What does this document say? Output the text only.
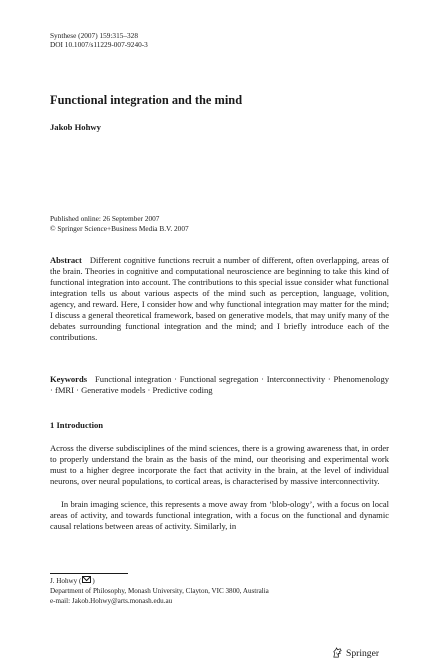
Synthese (2007) 159:315–328
DOI 10.1007/s11229-007-9240-3
Functional integration and the mind
Jakob Hohwy
Published online: 26 September 2007
© Springer Science+Business Media B.V. 2007
Abstract Different cognitive functions recruit a number of different, often overlapping, areas of the brain. Theories in cognitive and computational neuroscience are beginning to take this kind of functional integration into account. The contributions to this special issue consider what functional integration tells us about various aspects of the mind such as perception, language, volition, agency, and reward. Here, I consider how and why functional integration may matter for the mind; I discuss a general theoretical framework, based on generative models, that may unify many of the debates surrounding functional integration and the mind; and I briefly introduce each of the contributions.
Keywords Functional integration · Functional segregation · Interconnectivity · Phenomenology · fMRI · Generative models · Predictive coding
1 Introduction
Across the diverse subdisciplines of the mind sciences, there is a growing awareness that, in order to properly understand the brain as the basis of the mind, our theorising and experimental work must to a higher degree incorporate the fact that activity in the brain, at the level of individual neurons, over neural populations, to cortical areas, is characterised by massive interconnectivity.
In brain imaging science, this represents a move away from ‘blob-ology’, with a focus on local areas of activity, and towards functional integration, with a focus on the functional and dynamic causal relations between areas of activity. Similarly, in
J. Hohwy ( )
Department of Philosophy, Monash University, Clayton, VIC 3800, Australia
e-mail: Jakob.Hohwy@arts.monash.edu.au
Springer
